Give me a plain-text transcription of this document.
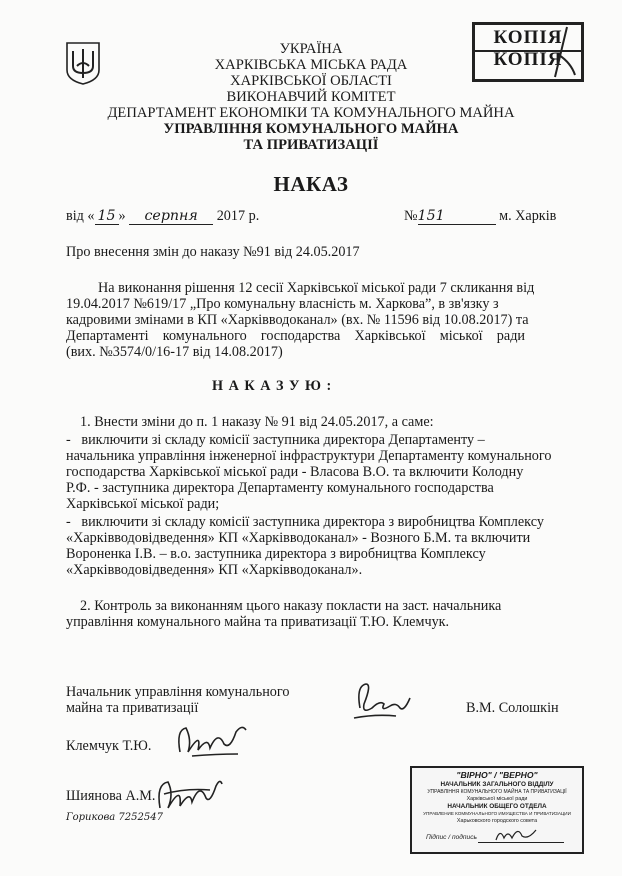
УКРАЇНА
ХАРКІВСЬКА МІСЬКА РАДА
ХАРКІВСЬКОЇ ОБЛАСТІ
ВИКОНАВЧИЙ КОМІТЕТ
ДЕПАРТАМЕНТ ЕКОНОМІКИ ТА КОМУНАЛЬНОГО МАЙНА
УПРАВЛІННЯ КОМУНАЛЬНОГО МАЙНА
ТА ПРИВАТИЗАЦІЇ
КОПІЯ
КОПІЯ
НАКАЗ
від « 15 » серпня 2017 р.	№151	м. Харків
Про внесення змін до наказу №91 від 24.05.2017
На виконання рішення 12 сесії Харківської міської ради 7 скликання від
19.04.2017 №619/17 „Про комунальну власність м. Харкова”, в зв'язку з
кадровими змінами в КП «Харківводоканал» (вх. № 11596 від 10.08.2017) та
Департаменті    комунального    господарства    Харківської    міської    ради
(вих. №3574/0/16-17 від 14.08.2017)
Н А К А З У Ю :
1. Внести зміни до п. 1 наказу № 91 від 24.05.2017, а саме:
-   виключити зі складу комісії заступника директора Департаменту –
начальника управління інженерної інфраструктури Департаменту комунального
господарства Харківської міської ради - Власова В.О. та включити Колодну
Р.Ф. - заступника директора Департаменту комунального господарства
Харківської міської ради;
-   виключити зі складу комісії заступника директора з виробництва Комплексу
«Харківводовідведення» КП «Харківводоканал» - Возного Б.М. та включити
Вороненка І.В. – в.о. заступника директора з виробництва Комплексу
«Харківводовідведення» КП «Харківводоканал».
2. Контроль за виконанням цього наказу покласти на заст. начальника
управління комунального майна та приватизації Т.Ю. Клемчук.
Начальник управління комунального
майна та приватизації	В.М. Солошкін
Клемчук Т.Ю.
Шиянова А.М.
Горикова 7252547
"ВІРНО" / "ВЕРНО"
НАЧАЛЬНИК ЗАГАЛЬНОГО ВІДДІЛУ
УПРАВЛІННЯ КОМУНАЛЬНОГО МАЙНА ТА ПРИВАТИЗАЦІЇ
Харківської міської ради
НАЧАЛЬНИК ОБЩЕГО ОТДЕЛА
УПРАВЛЕНИЕ КОММУНАЛЬНОГО ИМУЩЕСТВА И ПРИВАТИЗАЦИИ
Харьковского городского совета
Підпис / подпись
